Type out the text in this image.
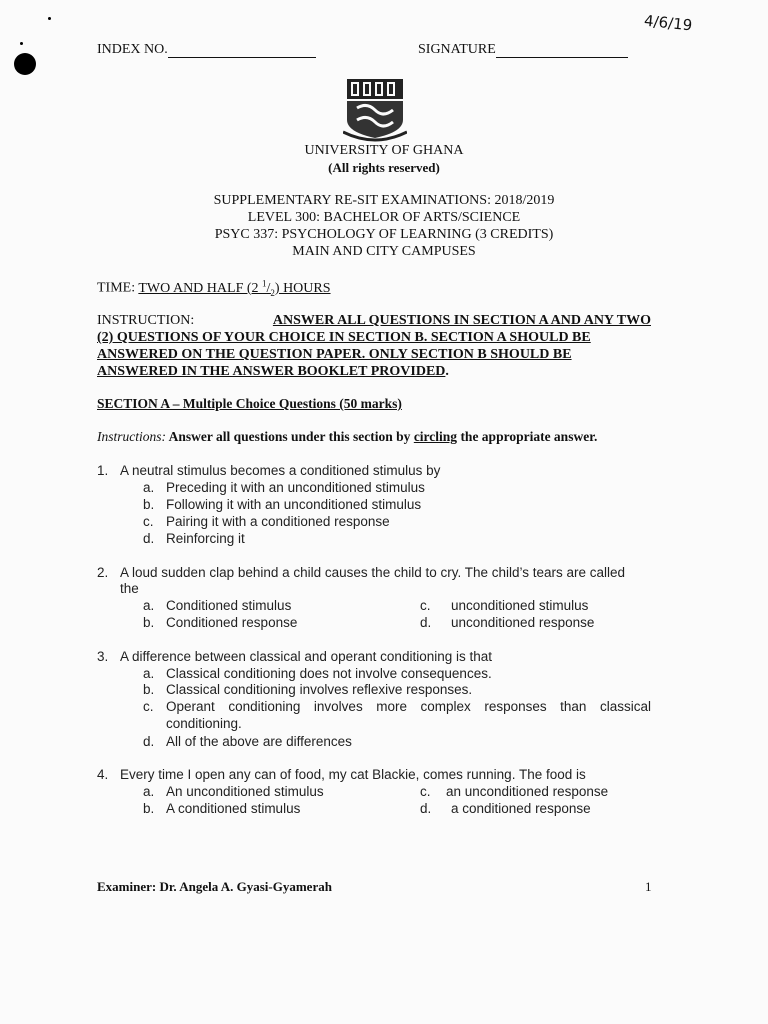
4/6/19
INDEX NO.	SIGNATURE
UNIVERSITY OF GHANA
(All rights reserved)
SUPPLEMENTARY RE-SIT EXAMINATIONS: 2018/2019
LEVEL 300: BACHELOR OF ARTS/SCIENCE
PSYC 337: PSYCHOLOGY OF LEARNING (3 CREDITS)
MAIN AND CITY CAMPUSES
TIME: TWO AND HALF (2 $^1/_2$) HOURS
INSTRUCTION:	ANSWER ALL QUESTIONS IN SECTION A AND ANY TWO
(2) QUESTIONS OF YOUR CHOICE IN SECTION B. SECTION A SHOULD BE
ANSWERED ON THE QUESTION PAPER. ONLY SECTION B SHOULD BE
ANSWERED IN THE ANSWER BOOKLET PROVIDED.
SECTION A – Multiple Choice Questions (50 marks)
Instructions: Answer all questions under this section by circling the appropriate answer.
1. A neutral stimulus becomes a conditioned stimulus by
a. Preceding it with an unconditioned stimulus
b. Following it with an unconditioned stimulus
c. Pairing it with a conditioned response
d. Reinforcing it
2. A loud sudden clap behind a child causes the child to cry. The child’s tears are called
the
a. Conditioned stimulus
b. Conditioned response
c. unconditioned stimulus
d. unconditioned response
3. A difference between classical and operant conditioning is that
a. Classical conditioning does not involve consequences.
b. Classical conditioning involves reflexive responses.
c. Operant conditioning involves more complex responses than classical
conditioning.
d. All of the above are differences
4. Every time I open any can of food, my cat Blackie, comes running. The food is
a. An unconditioned stimulus
b. A conditioned stimulus
c. an unconditioned response
d. a conditioned response
Examiner: Dr. Angela A. Gyasi-Gyamerah	1
